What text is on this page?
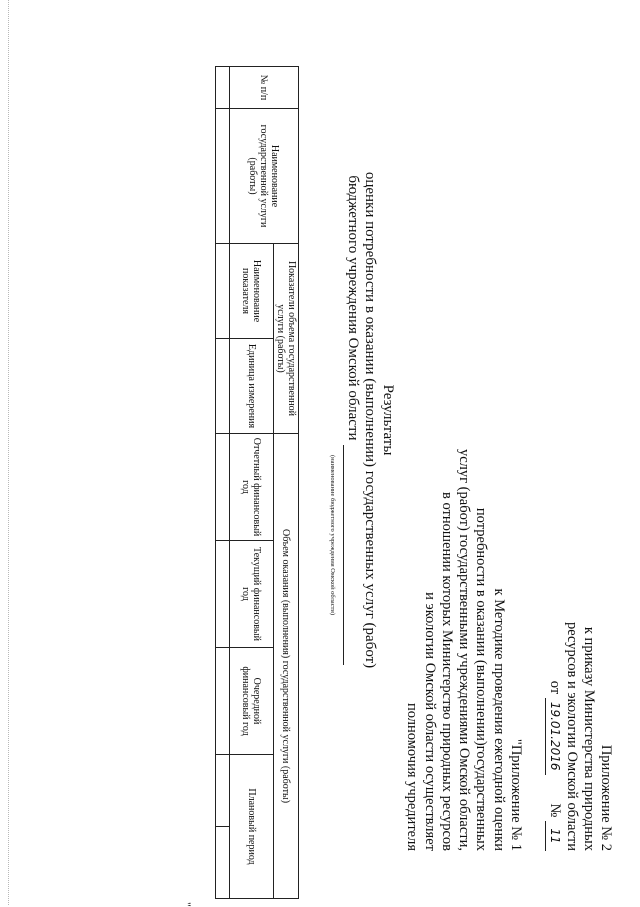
Приложение № 2
к приказу Министерства природных
ресурсов и экологии Омской области
от 19.01.2016        № 11
"Приложение № 1
к Методике проведения ежегодной оценки
потребности в оказании (выполнении)государственных
услуг (работ) государственными учреждениями Омской области,
в отношении которых Министерство природных ресурсов
и экологии Омской области осуществляет
полномочия учредителя
Результаты
оценки потребности в оказании (выполнении) государственных услуг (работ)
бюджетного учреждения Омской области
(наименование бюджетного учреждения Омской области)
№ п/п	Наименование государственной услуги (работы)	Показатели объема государственной услуги (работы)		Объем оказания (выполнения) государственной услуги (работы)				
		Наименование показателя	Единица измерения	Отчетный финансовый год	Текущий финансовый год	Очередной финансовый год	Плановый период	

"
